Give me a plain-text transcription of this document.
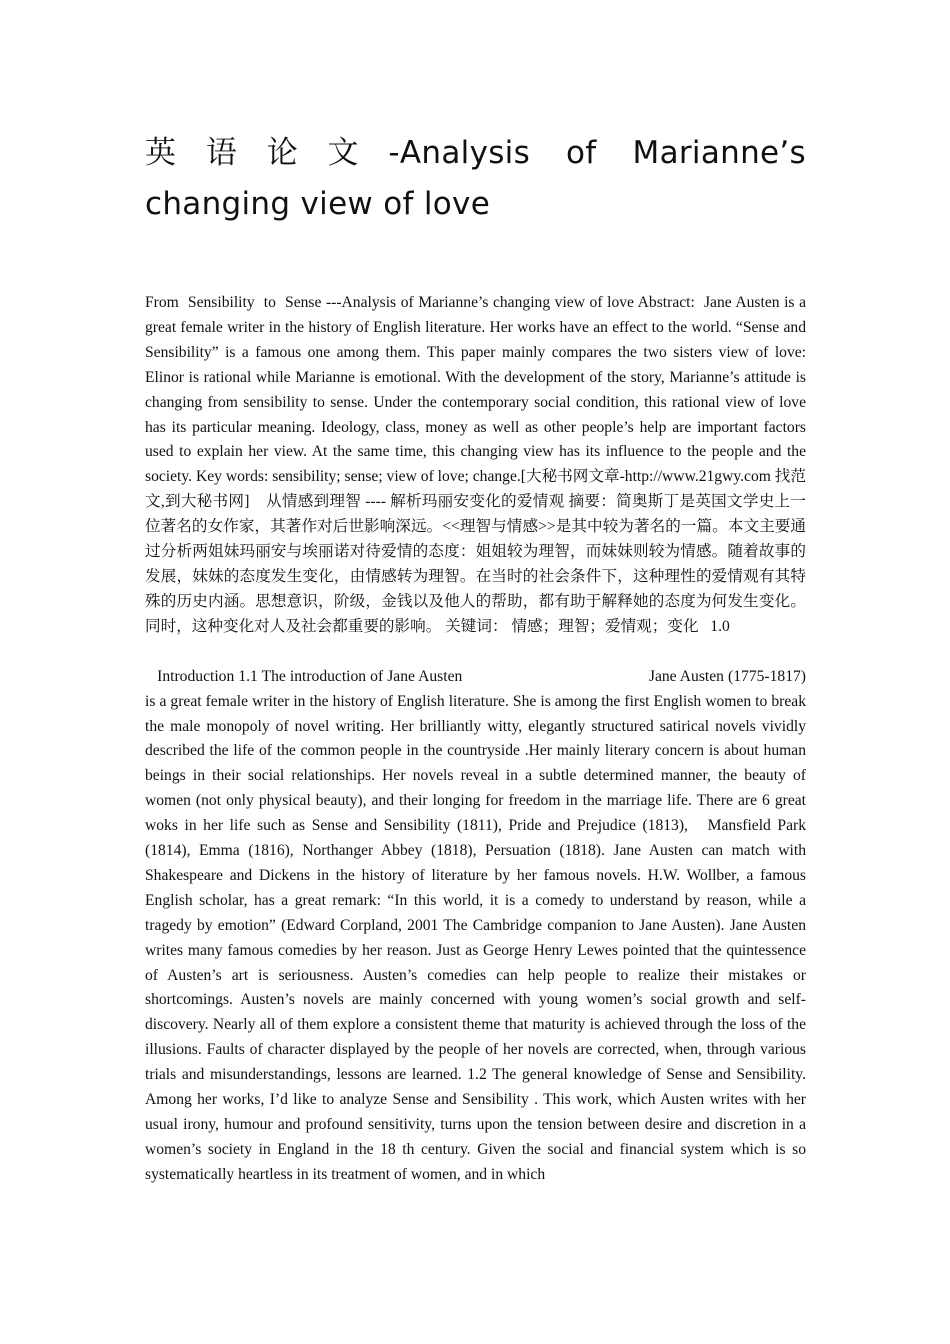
英语论文-Analysis of Marianne’s changing view of love

From  Sensibility  to  Sense ---Analysis of Marianne’s changing view of love Abstract:  Jane Austen is a great female writer in the history of English literature. Her works have an effect to the world. “Sense and Sensibility” is a famous one among them. This paper mainly compares the two sisters view of love: Elinor is rational while Marianne is emotional. With the development of the story, Marianne’s attitude is changing from sensibility to sense. Under the contemporary social condition, this rational view of love has its particular meaning. Ideology, class, money as well as other people’s help are important factors used to explain her view. At the same time, this changing view has its influence to the people and the society. Key words: sensibility; sense; view of love; change.[大秘书网文章-http://www.21gwy.com 找范文,到大秘书网]    从情感到理智 ---- 解析玛丽安变化的爱情观 摘要：简奥斯丁是英国文学史上一位著名的女作家，其著作对后世影响深远。<<理智与情感>>是其中较为著名的一篇。本文主要通过分析两姐妹玛丽安与埃丽诺对待爱情的态度：姐姐较为理智，而妹妹则较为情感。随着故事的发展，妹妹的态度发生变化，由情感转为理智。在当时的社会条件下，这种理性的爱情观有其特殊的历史内涵。思想意识，阶级，金钱以及他人的帮助，都有助于解释她的态度为何发生变化。同时，这种变化对人及社会都重要的影响。 关键词： 情感；理智；爱情观；变化   1.0

Introduction 1.1 The introduction of Jane Austen                                              Jane Austen (1775-1817) is a great female writer in the history of English literature. She is among the first English women to break the male monopoly of novel writing. Her brilliantly witty, elegantly structured satirical novels vividly described the life of the common people in the countryside .Her mainly literary concern is about human beings in their social relationships. Her novels reveal in a subtle determined manner, the beauty of women (not only physical beauty), and their longing for freedom in the marriage life. There are 6 great woks in her life such as Sense and Sensibility (1811), Pride and Prejudice (1813),   Mansfield Park (1814), Emma (1816), Northanger Abbey (1818), Persuation (1818). Jane Austen can match with Shakespeare and Dickens in the history of literature by her famous novels. H.W. Wollber, a famous English scholar, has a great remark: “In this world, it is a comedy to understand by reason, while a tragedy by emotion” (Edward Corpland, 2001 The Cambridge companion to Jane Austen). Jane Austen writes many famous comedies by her reason. Just as George Henry Lewes pointed that the quintessence of Austen’s art is seriousness. Austen’s comedies can help people to realize their mistakes or shortcomings. Austen’s novels are mainly concerned with young women’s social growth and self-discovery. Nearly all of them explore a consistent theme that maturity is achieved through the loss of the illusions. Faults of character displayed by the people of her novels are corrected, when, through various trials and misunderstandings, lessons are learned. 1.2 The general knowledge of Sense and Sensibility. Among her works, I’d like to analyze Sense and Sensibility . This work, which Austen writes with her usual irony, humour and profound sensitivity, turns upon the tension between desire and discretion in a women’s society in England in the 18 th century. Given the social and financial system which is so systematically heartless in its treatment of women, and in which
